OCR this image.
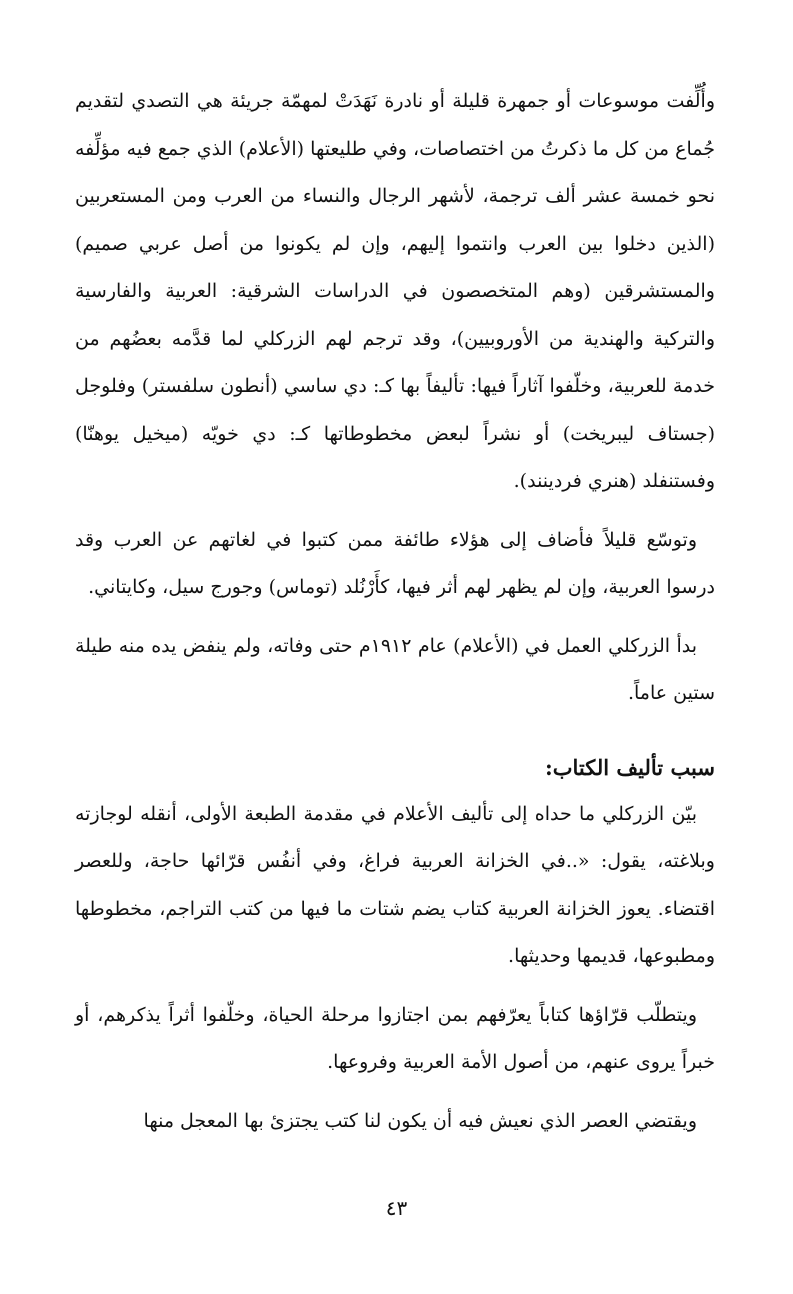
وأُلِّفت موسوعات أو جمهرة قليلة أو نادرة نَهَدَتْ لمهمّة جريئة هي التصدي لتقديم جُماع من كل ما ذكرتُ من اختصاصات، وفي طليعتها (الأعلام) الذي جمع فيه مؤلِّفه نحو خمسة عشر ألف ترجمة، لأشهر الرجال والنساء من العرب ومن المستعربين (الذين دخلوا بين العرب وانتموا إليهم، وإن لم يكونوا من أصل عربي صميم) والمستشرقين (وهم المتخصصون في الدراسات الشرقية: العربية والفارسية والتركية والهندية من الأوروبيين)، وقد ترجم لهم الزركلي لما قدَّمه بعضُهم من خدمة للعربية، وخلّفوا آثاراً فيها: تأليفاً بها كـ: دي ساسي (أنطون سلفستر) وفلوجل (جستاف ليبريخت) أو نشراً لبعض مخطوطاتها كـ: دي خويّه (ميخيل يوهنّا) وفستنفلد (هنري فردينند).

وتوسّع قليلاً فأضاف إلى هؤلاء طائفة ممن كتبوا في لغاتهم عن العرب وقد درسوا العربية، وإن لم يظهر لهم أثر فيها، كأَرْنُلد (توماس) وجورج سيل، وكايتاني.

بدأ الزركلي العمل في (الأعلام) عام ١٩١٢م حتى وفاته، ولم ينفض يده منه طيلة ستين عاماً.

سبب تأليف الكتاب:

بيّن الزركلي ما حداه إلى تأليف الأعلام في مقدمة الطبعة الأولى، أنقله لوجازته وبلاغته، يقول: «..في الخزانة العربية فراغ، وفي أنفُس قرّائها حاجة، وللعصر اقتضاء. يعوز الخزانة العربية كتاب يضم شتات ما فيها من كتب التراجم، مخطوطها ومطبوعها، قديمها وحديثها.

ويتطلّب قرّاؤها كتاباً يعرّفهم بمن اجتازوا مرحلة الحياة، وخلّفوا أثراً يذكرهم، أو خبراً يروى عنهم، من أصول الأمة العربية وفروعها.

ويقتضي العصر الذي نعيش فيه أن يكون لنا كتب يجتزئ بها المعجل منها

٤٣
